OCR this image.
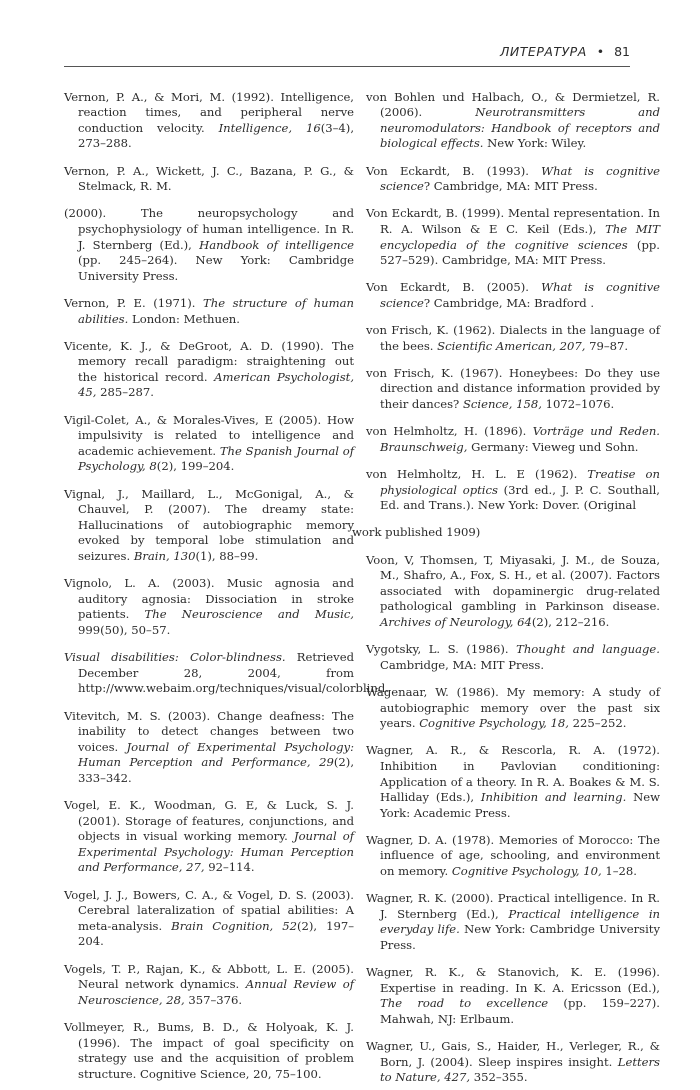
ЛИТЕРАТУРА • 81

Vernon, P. A., & Mori, M. (1992). Intelligence, reaction times, and peripheral nerve conduction velocity. Intelligence, 16(3–4), 273–288.

Vernon, P. A., Wickett, J. C., Bazana, P. G., & Stelmack, R. M.

(2000). The neuropsychology and psychophysiology of human intelligence. In R. J. Sternberg (Ed.), Handbook of intelligence (pp. 245–264). New York: Cambridge University Press.

Vernon, P. E. (1971). The structure of human abilities. London: Methuen.

Vicente, K. J., & DeGroot, A. D. (1990). The memory recall paradigm: straightening out the historical record. American Psychologist, 45, 285–287.

Vigil-Colet, A., & Morales-Vives, E (2005). How impulsivity is related to intelligence and academic achievement. The Spanish Journal of Psychology, 8(2), 199–204.

Vignal, J., Maillard, L., McGonigal, A., & Chauvel, P. (2007). The dreamy state: Hallucinations of autobiographic memory evoked by temporal lobe stimulation and seizures. Brain, 130(1), 88–99.

Vignolo, L. A. (2003). Music agnosia and auditory agnosia: Dissociation in stroke patients. The Neuroscience and Music, 999(50), 50–57.

Visual disabilities: Color-blindness. Retrieved December 28, 2004, from http://www.webaim.org/techniques/visual/colorblind.

Vitevitch, M. S. (2003). Change deafness: The inability to detect changes between two voices. Journal of Experimental Psychology: Human Perception and Performance, 29(2), 333–342.

Vogel, E. K., Woodman, G. E, & Luck, S. J. (2001). Storage of features, conjunctions, and objects in visual working memory. Journal of Experimental Psychology: Human Perception and Performance, 27, 92–114.

Vogel, J. J., Bowers, C. A., & Vogel, D. S. (2003). Cerebral lateralization of spatial abilities: A meta-analysis. Brain Cognition, 52(2), 197–204.

Vogels, T. P., Rajan, K., & Abbott, L. E. (2005). Neural network dynamics. Annual Review of Neuroscience, 28, 357–376.

Vollmeyer, R., Bums, B. D., & Holyoak, K. J. (1996). The impact of goal specificity on strategy use and the acquisition of problem structure. Cognitive Science, 20, 75–100.

von Bohlen und Halbach, O., & Dermietzel, R. (2006). Neurotransmitters and neuromodulators: Handbook of receptors and biological effects. New York: Wiley.

Von Eckardt, B. (1993). What is cognitive science? Cambridge, MA: MIT Press.

Von Eckardt, B. (1999). Mental representation. In R. A. Wilson & E C. Keil (Eds.), The MIT encyclopedia of the cognitive sciences (pp. 527–529). Cambridge, MA: MIT Press.

Von Eckardt, B. (2005). What is cognitive science? Cambridge, MA: Bradford .

von Frisch, K. (1962). Dialects in the language of the bees. Scientific American, 207, 79–87.

von Frisch, K. (1967). Honeybees: Do they use direction and distance information provided by their dances? Science, 158, 1072–1076.

von Helmholtz, H. (1896). Vorträge und Reden. Braunschweig, Germany: Vieweg und Sohn.

von Helmholtz, H. L. E (1962). Treatise on physiological optics (3rd ed., J. P. C. Southall, Ed. and Trans.). New York: Dover. (Original

work published 1909)

Voon, V, Thomsen, T, Miyasaki, J. M., de Souza, M., Shafro, A., Fox, S. H., et al. (2007). Factors associated with dopaminergic drug-related pathological gambling in Parkinson disease. Archives of Neurology, 64(2), 212–216.

Vygotsky, L. S. (1986). Thought and language. Cambridge, MA: MIT Press.

Wagenaar, W. (1986). My memory: A study of autobiographic memory over the past six years. Cognitive Psychology, 18, 225–252.

Wagner, A. R., & Rescorla, R. A. (1972). Inhibition in Pavlovian conditioning: Application of a theory. In R. A. Boakes & M. S. Halliday (Eds.), Inhibition and learning. New York: Academic Press.

Wagner, D. A. (1978). Memories of Morocco: The influence of age, schooling, and environment on memory. Cognitive Psychology, 10, 1–28.

Wagner, R. K. (2000). Practical intelligence. In R. J. Sternberg (Ed.), Practical intelligence in everyday life. New York: Cambridge University Press.

Wagner, R. K., & Stanovich, K. E. (1996). Expertise in reading. In K. A. Ericsson (Ed.), The road to excellence (pp. 159–227). Mahwah, NJ: Erlbaum.

Wagner, U., Gais, S., Haider, H., Verleger, R., & Born, J. (2004). Sleep inspires insight. Letters to Nature, 427, 352–355.
